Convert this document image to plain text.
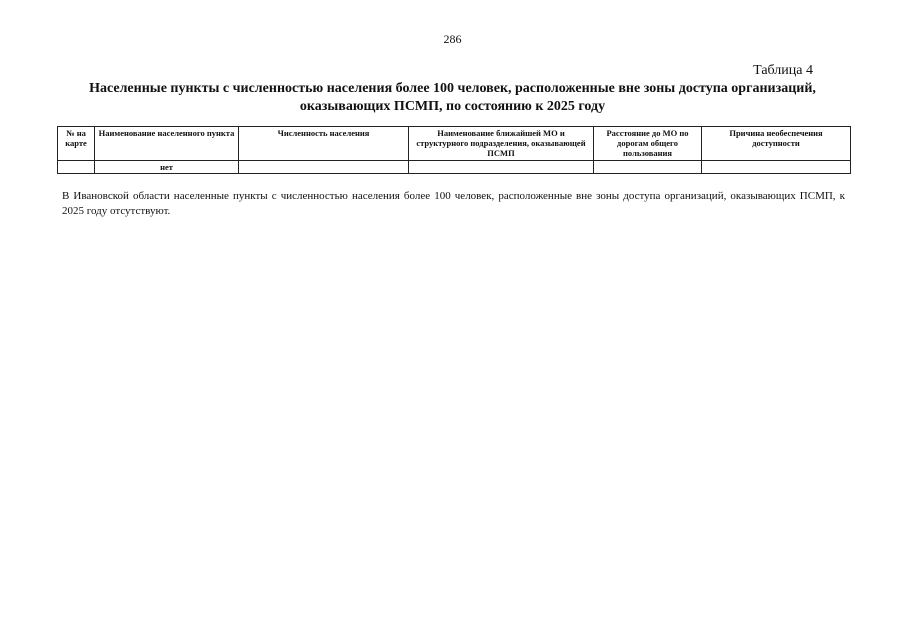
286
Таблица 4
Населенные пункты с численностью населения более 100 человек, расположенные вне зоны доступа организаций,
оказывающих ПСМП, по состоянию к 2025 году
№ на карте	Наименование населенного пункта	Численность населения	Наименование ближайшей МО и структурного подразделения, оказывающей ПСМП	Расстояние до МО по дорогам общего пользования	Причина необеспечения доступности
	нет				
В Ивановской области населенные пункты с численностью населения более 100 человек, расположенные вне зоны доступа организаций, оказывающих ПСМП, к 2025 году отсутствуют.
